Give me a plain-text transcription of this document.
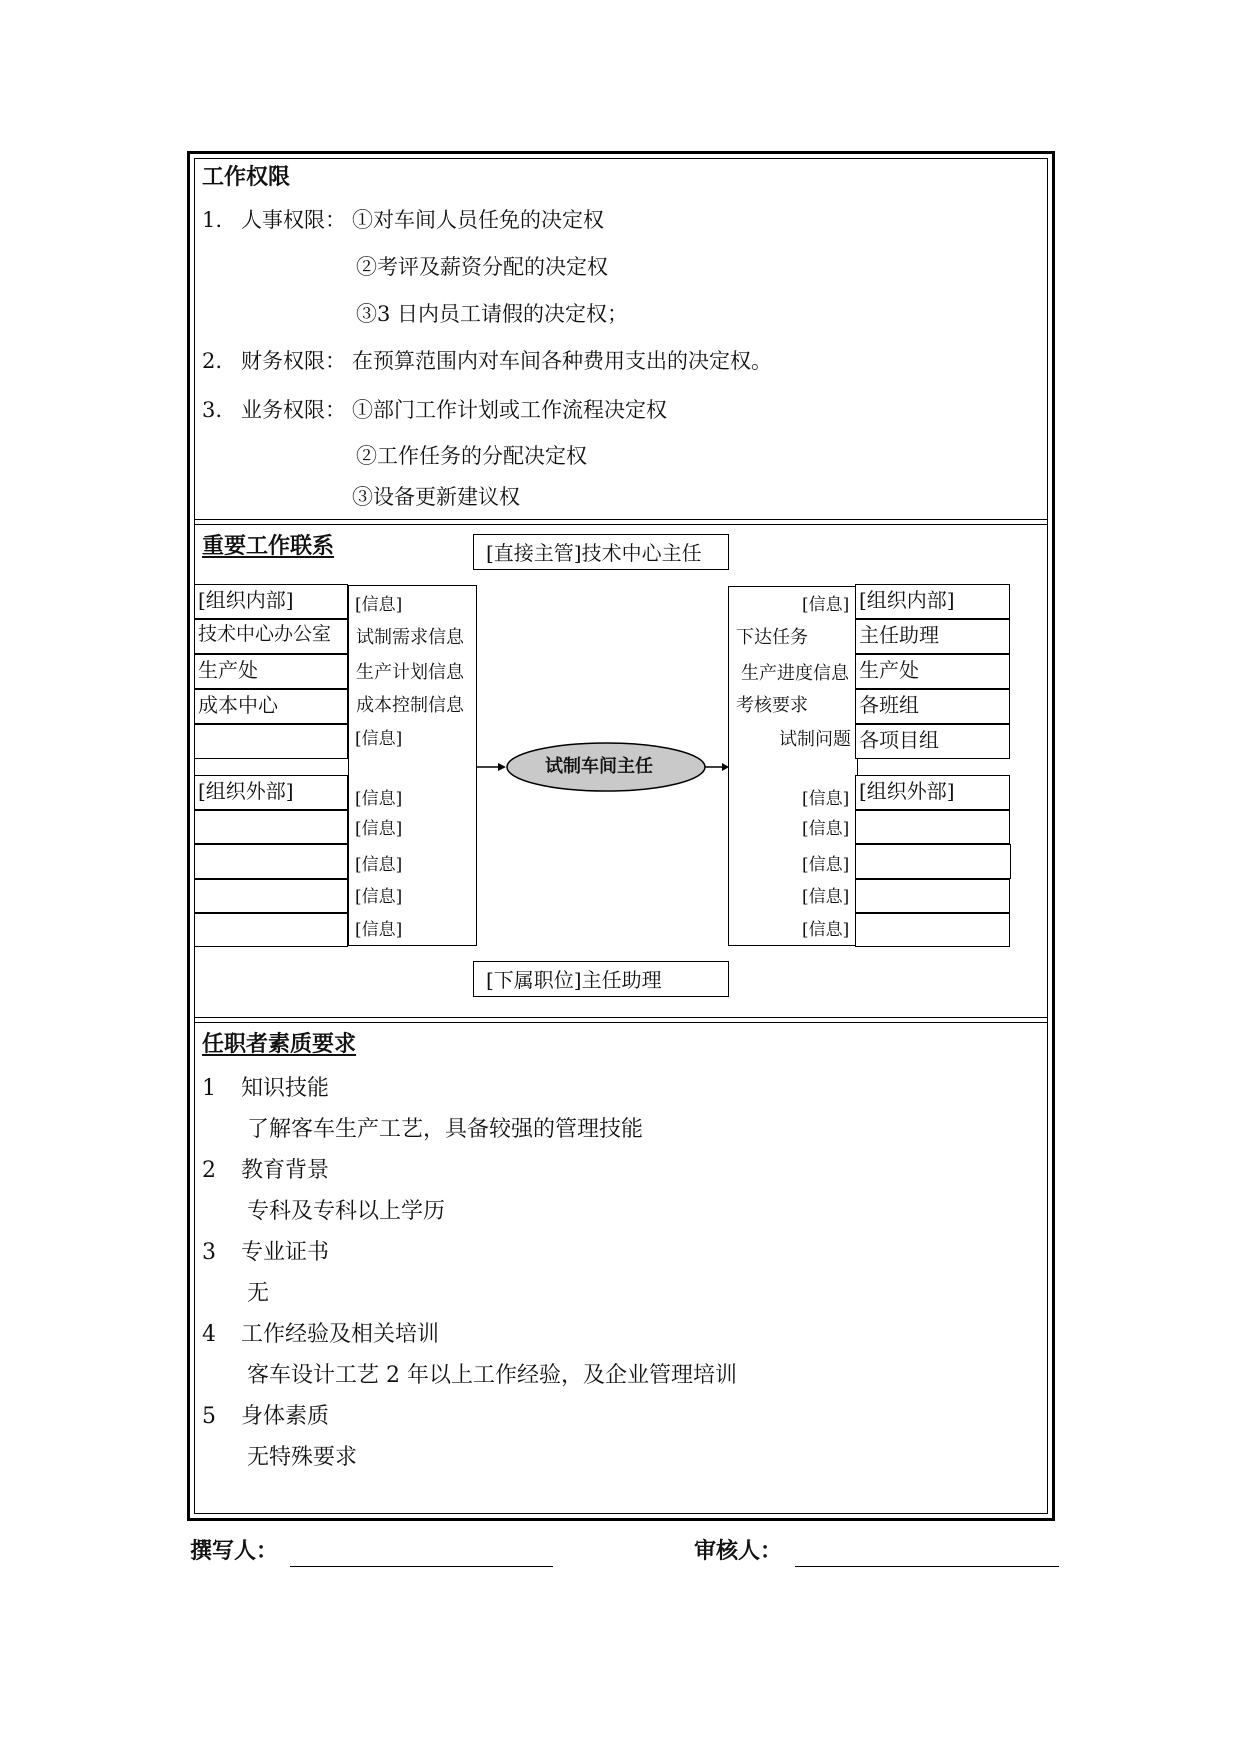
工作权限
1. 人事权限： ①对车间人员任免的决定权
②考评及薪资分配的决定权
③3 日内员工请假的决定权；
2. 财务权限： 在预算范围内对车间各种费用支出的决定权。
3. 业务权限： ①部门工作计划或工作流程决定权
②工作任务的分配决定权
③设备更新建议权
重要工作联系	[直接主管]技术中心主任
[下属职位]主任助理
[组织内部]
技术中心办公室
生产处
成本中心
[组织外部]
[信息]
试制需求信息
生产计划信息
成本控制信息
[信息]
[信息]
[信息]
[信息]
[信息]
[信息]
[信息]
下达任务
生产进度信息
考核要求
试制问题
[信息]
[信息]
[信息]
[信息]
[信息]
[组织内部]
主任助理
生产处
各班组
各项目组
[组织外部]
试制车间主任
任职者素质要求
1 知识技能
了解客车生产工艺，具备较强的管理技能
2 教育背景
专科及专科以上学历
3 专业证书
无
4 工作经验及相关培训
客车设计工艺 2 年以上工作经验，及企业管理培训
5 身体素质
无特殊要求
撰写人：	审核人：
